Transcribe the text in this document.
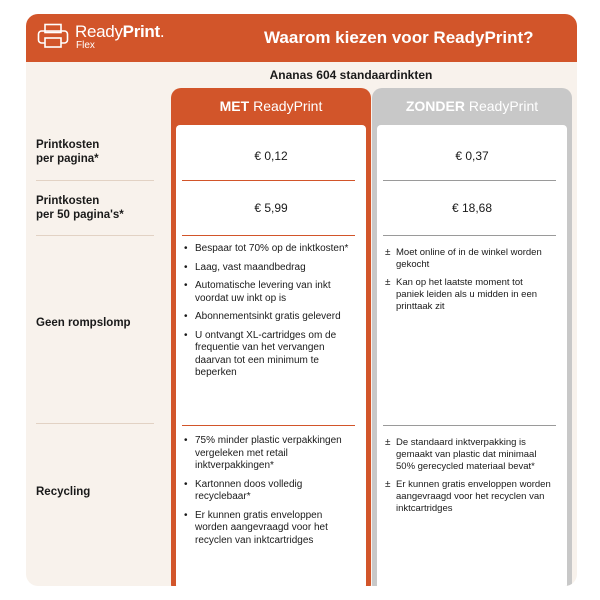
ReadyPrint.
Flex	Waarom kiezen voor ReadyPrint?
Ananas 604 standaardinkten
Printkosten
per pagina*
Printkosten
per 50 pagina's*
Geen rompslomp
Recycling
MET ReadyPrint
€ 0,12
€ 5,99
• Bespaar tot 70% op de inktkosten*
• Laag, vast maandbedrag
• Automatische levering van inkt voordat uw inkt op is
• Abonnementsinkt gratis geleverd
• U ontvangt XL-cartridges om de frequentie van het vervangen daarvan tot een minimum te beperken
• 75% minder plastic verpakkingen vergeleken met retail inktverpakkingen*
• Kartonnen doos volledig recyclebaar*
• Er kunnen gratis enveloppen worden aangevraagd voor het recyclen van inktcartridges
ZONDER ReadyPrint
€ 0,37
€ 18,68
± Moet online of in de winkel worden gekocht
± Kan op het laatste moment tot paniek leiden als u midden in een printtaak zit
± De standaard inktverpakking is gemaakt van plastic dat minimaal 50% gerecycled materiaal bevat*
± Er kunnen gratis enveloppen worden aangevraagd voor het recyclen van inktcartridges
